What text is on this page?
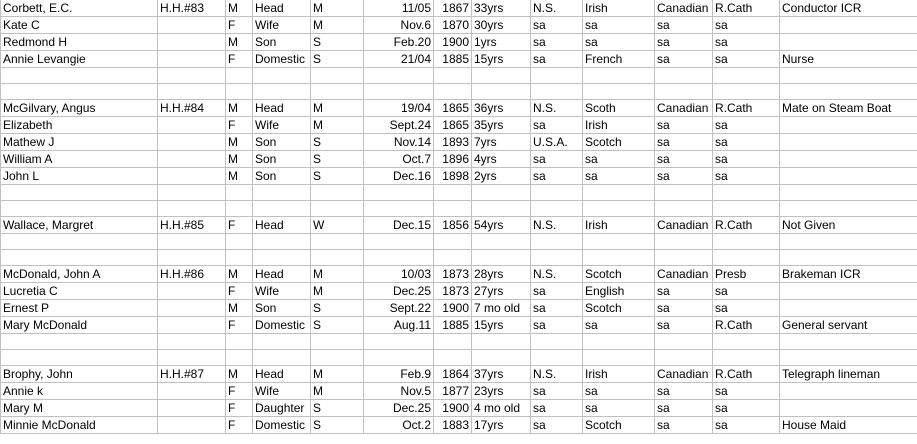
Corbett, E.C.	H.H.#83	M	Head	M	11/05	1867	33yrs	N.S.	Irish	Canadian	R.Cath	Conductor ICR
Kate C		F	Wife	M	Nov.6	1870	30yrs	sa	sa	sa	sa	
Redmond H		M	Son	S	Feb.20	1900	1yrs	sa	sa	sa	sa	
Annie Levangie		F	Domestic	S	21/04	1885	15yrs	sa	French	sa	sa	Nurse

McGilvary, Angus	H.H.#84	M	Head	M	19/04	1865	36yrs	N.S.	Scoth	Canadian	R.Cath	Mate on Steam Boat
Elizabeth		F	Wife	M	Sept.24	1865	35yrs	sa	Irish	sa	sa	
Mathew J		M	Son	S	Nov.14	1893	7yrs	U.S.A.	Scotch	sa	sa	
William A		M	Son	S	Oct.7	1896	4yrs	sa	sa	sa	sa	
John L		M	Son	S	Dec.16	1898	2yrs	sa	sa	sa	sa	

Wallace, Margret	H.H.#85	F	Head	W	Dec.15	1856	54yrs	N.S.	Irish	Canadian	R.Cath	Not Given

McDonald, John A	H.H.#86	M	Head	M	10/03	1873	28yrs	N.S.	Scotch	Canadian	Presb	Brakeman ICR
Lucretia C		F	Wife	M	Dec.25	1873	27yrs	sa	English	sa	sa	
Ernest P		M	Son	S	Sept.22	1900	7 mo old	sa	Scotch	sa	sa	
Mary McDonald		F	Domestic	S	Aug.11	1885	15yrs	sa	sa	sa	R.Cath	General servant

Brophy, John	H.H.#87	M	Head	M	Feb.9	1864	37yrs	N.S.	Irish	Canadian	R.Cath	Telegraph lineman
Annie k		F	Wife	M	Nov.5	1877	23yrs	sa	sa	sa	sa	
Mary M		F	Daughter	S	Dec.25	1900	4 mo old	sa	sa	sa	sa	
Minnie McDonald		F	Domestic	S	Oct.2	1883	17yrs	sa	Scotch	sa	sa	House Maid
